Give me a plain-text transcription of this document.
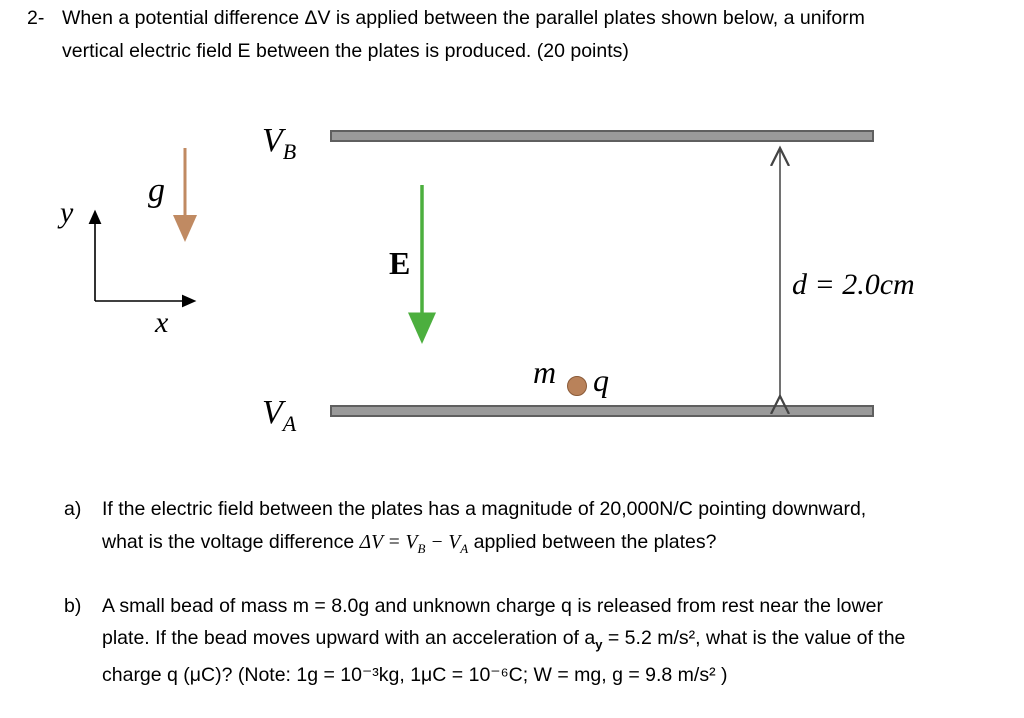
2- When a potential difference ΔV is applied between the parallel plates shown below, a uniform
vertical electric field E between the plates is produced. (20 points)
$V_B$
$V_A$
E
g
y
x
m q
d = 2.0cm
a) If the electric field between the plates has a magnitude of 20,000N/C pointing downward,
what is the voltage difference $\Delta V = V_B - V_A$ applied between the plates?
b) A small bead of mass m = 8.0g and unknown charge q is released from rest near the lower
plate. If the bead moves upward with an acceleration of $a_y = 5.2$ m/s², what is the value of the
charge q (μC)? (Note: 1g = 10⁻³kg, 1μC = 10⁻⁶C; W = mg, g = 9.8 m/s² )
